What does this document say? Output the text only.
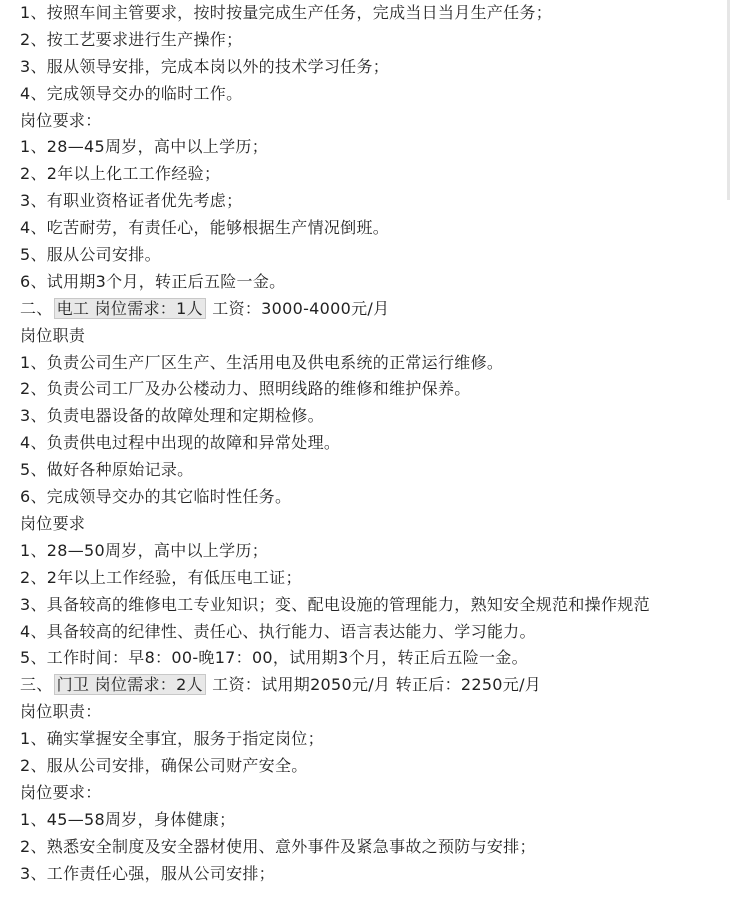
1、按照车间主管要求，按时按量完成生产任务，完成当日当月生产任务；
2、按工艺要求进行生产操作；
3、服从领导安排，完成本岗以外的技术学习任务；
4、完成领导交办的临时工作。
岗位要求：
1、28—45周岁，高中以上学历；
2、2年以上化工工作经验；
3、有职业资格证者优先考虑；
4、吃苦耐劳，有责任心，能够根据生产情况倒班。
5、服从公司安排。
6、试用期3个月，转正后五险一金。
二、 电工 岗位需求：1人 工资：3000-4000元/月
岗位职责
1、负责公司生产厂区生产、生活用电及供电系统的正常运行维修。
2、负责公司工厂及办公楼动力、照明线路的维修和维护保养。
3、负责电器设备的故障处理和定期检修。
4、负责供电过程中出现的故障和异常处理。
5、做好各种原始记录。
6、完成领导交办的其它临时性任务。
岗位要求
1、28—50周岁，高中以上学历；
2、2年以上工作经验，有低压电工证；
3、具备较高的维修电工专业知识；变、配电设施的管理能力，熟知安全规范和操作规范
4、具备较高的纪律性、责任心、执行能力、语言表达能力、学习能力。
5、工作时间：早8：00-晚17：00，试用期3个月，转正后五险一金。
三、 门卫 岗位需求：2人 工资：试用期2050元/月 转正后：2250元/月
岗位职责：
1、确实掌握安全事宜，服务于指定岗位；
2、服从公司安排，确保公司财产安全。
岗位要求：
1、45—58周岁，身体健康；
2、熟悉安全制度及安全器材使用、意外事件及紧急事故之预防与安排；
3、工作责任心强，服从公司安排；
